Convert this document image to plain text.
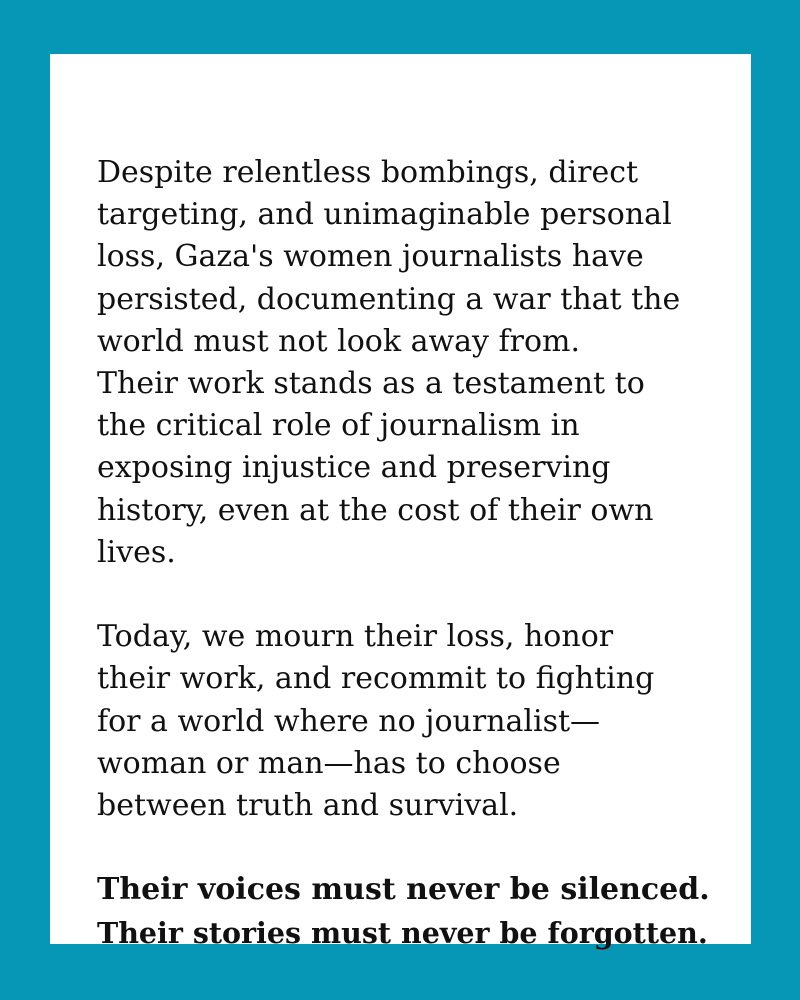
Despite relentless bombings, direct
targeting, and unimaginable personal
loss, Gaza's women journalists have
persisted, documenting a war that the
world must not look away from.
Their work stands as a testament to
the critical role of journalism in
exposing injustice and preserving
history, even at the cost of their own
lives.
Today, we mourn their loss, honor
their work, and recommit to fighting
for a world where no journalist—
woman or man—has to choose
between truth and survival.
Their voices must never be silenced.
Their stories must never be forgotten.
